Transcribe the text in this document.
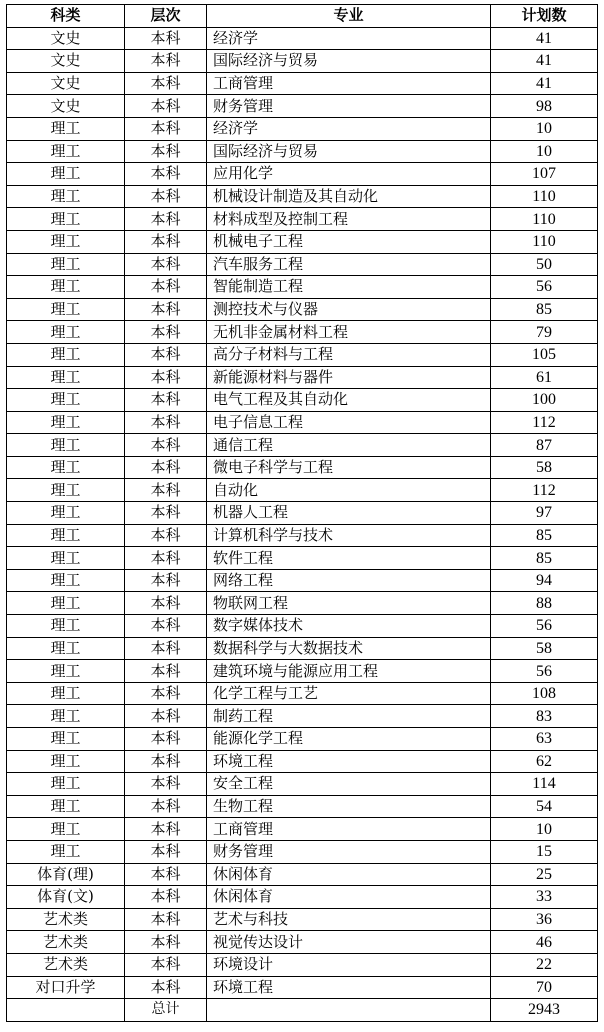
科类	层次	专业	计划数
文史	本科	经济学	41
文史	本科	国际经济与贸易	41
文史	本科	工商管理	41
文史	本科	财务管理	98
理工	本科	经济学	10
理工	本科	国际经济与贸易	10
理工	本科	应用化学	107
理工	本科	机械设计制造及其自动化	110
理工	本科	材料成型及控制工程	110
理工	本科	机械电子工程	110
理工	本科	汽车服务工程	50
理工	本科	智能制造工程	56
理工	本科	测控技术与仪器	85
理工	本科	无机非金属材料工程	79
理工	本科	高分子材料与工程	105
理工	本科	新能源材料与器件	61
理工	本科	电气工程及其自动化	100
理工	本科	电子信息工程	112
理工	本科	通信工程	87
理工	本科	微电子科学与工程	58
理工	本科	自动化	112
理工	本科	机器人工程	97
理工	本科	计算机科学与技术	85
理工	本科	软件工程	85
理工	本科	网络工程	94
理工	本科	物联网工程	88
理工	本科	数字媒体技术	56
理工	本科	数据科学与大数据技术	58
理工	本科	建筑环境与能源应用工程	56
理工	本科	化学工程与工艺	108
理工	本科	制药工程	83
理工	本科	能源化学工程	63
理工	本科	环境工程	62
理工	本科	安全工程	114
理工	本科	生物工程	54
理工	本科	工商管理	10
理工	本科	财务管理	15
体育(理)	本科	休闲体育	25
体育(文)	本科	休闲体育	33
艺术类	本科	艺术与科技	36
艺术类	本科	视觉传达设计	46
艺术类	本科	环境设计	22
对口升学	本科	环境工程	70
	总计		2943
